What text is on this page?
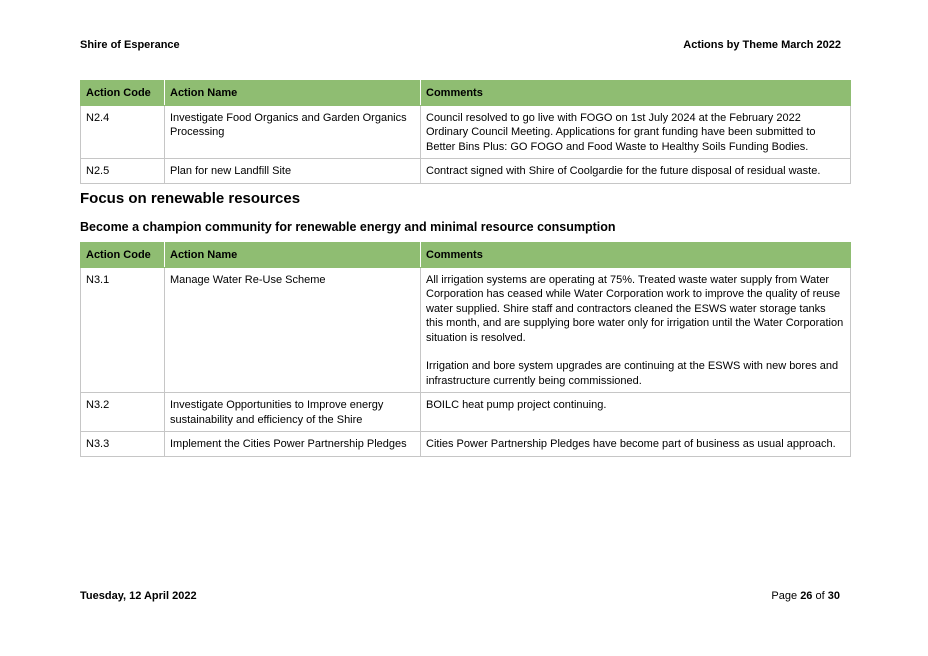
Shire of Esperance	Actions by Theme March 2022
Action Code	Action Name	Comments
N2.4	Investigate Food Organics and Garden Organics Processing	Council resolved to go live with FOGO on 1st July 2024 at the February 2022 Ordinary Council Meeting. Applications for grant funding have been submitted to Better Bins Plus: GO FOGO and Food Waste to Healthy Soils Funding Bodies.
N2.5	Plan for new Landfill Site	Contract signed with Shire of Coolgardie for the future disposal of residual waste.
Focus on renewable resources
Become a champion community for renewable energy and minimal resource consumption
Action Code	Action Name	Comments
N3.1	Manage Water Re-Use Scheme	All irrigation systems are operating at 75%. Treated waste water supply from Water Corporation has ceased while Water Corporation work to improve the quality of reuse water supplied. Shire staff and contractors cleaned the ESWS water storage tanks this month, and are supplying bore water only for irrigation until the Water Corporation situation is resolved.
Irrigation and bore system upgrades are continuing at the ESWS with new bores and infrastructure currently being commissioned.
N3.2	Investigate Opportunities to Improve energy sustainability and efficiency of the Shire	BOILC heat pump project continuing.
N3.3	Implement the Cities Power Partnership Pledges	Cities Power Partnership Pledges have become part of business as usual approach.
Tuesday, 12 April 2022	Page 26 of 30
